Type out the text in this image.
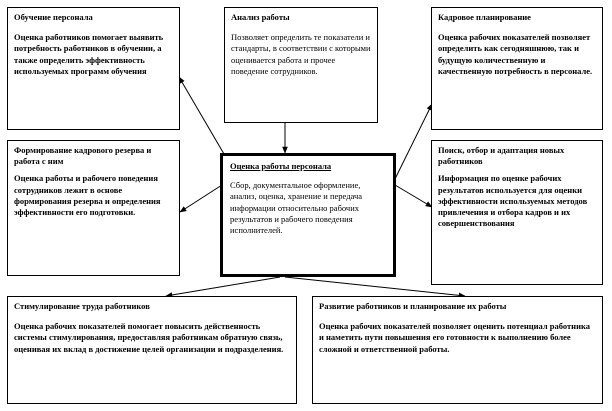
Обучение персонала
Оценка работников помогает выявить потребность работников в обучении, а также определить эффективность используемых программ обучения
Анализ работы
Позволяет определить те показатели и стандарты, в соответствии с которыми оценивается работа и прочее поведение сотрудников.
Кадровое планирование
Оценка рабочих показателей позволяет определить как сегодняшнюю, так и будущую количественную и качественную потребность в персонале.
Формирование кадрового резерва и работа с ним
Оценка работы и рабочего поведения сотрудников лежит в основе формирования резерва и определения эффективности его подготовки.
Оценка работы персонала
Сбор, документальное оформление, анализ, оценка, хранение и передача информации относительно рабочих результатов и рабочего поведения исполнителей.
Поиск, отбор и адаптация новых работников
Информация по оценке рабочих результатов используется для оценки эффективности используемых методов привлечения и отбора кадров и их совершенствования
Стимулирование труда работников
Оценка рабочих показателей помогает повысить действенность системы стимулирования, предоставляя работникам обратную связь, оценивая их вклад в достижение целей организации и подразделения.
Развитие работников и планирование их работы
Оценка рабочих показателей позволяет оценить потенциал работника и наметить пути повышения его готовности к выполнению более сложной и ответственной работы.
